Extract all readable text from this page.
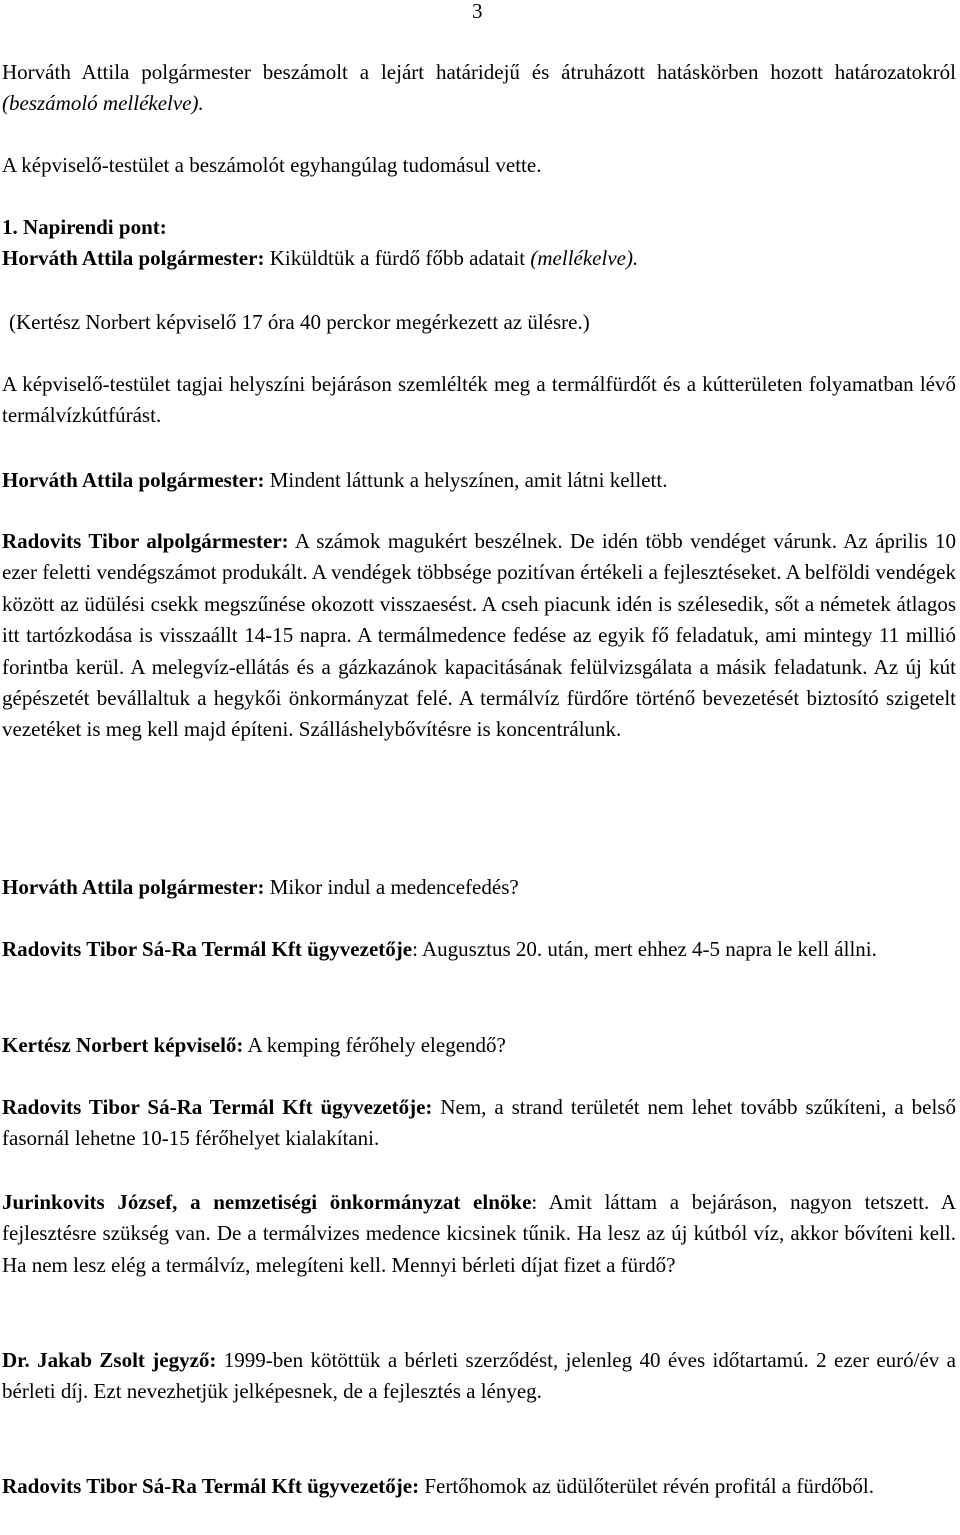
3

Horváth Attila polgármester beszámolt a lejárt határidejű és átruházott hatáskörben hozott határozatokról (beszámoló mellékelve).

A képviselő-testület a beszámolót egyhangúlag tudomásul vette.

1. Napirendi pont:
Horváth Attila polgármester: Kiküldtük a fürdő főbb adatait (mellékelve).

(Kertész Norbert képviselő 17 óra 40 perckor megérkezett az ülésre.)

A képviselő-testület tagjai helyszíni bejáráson szemlélték meg a termálfürdőt és a kútterületen folyamatban lévő termálvízkútfúrást.

Horváth Attila polgármester: Mindent láttunk a helyszínen, amit látni kellett.

Radovits Tibor alpolgármester: A számok magukért beszélnek. De idén több vendéget várunk. Az április 10 ezer feletti vendégszámot produkált. A vendégek többsége pozitívan értékeli a fejlesztéseket. A belföldi vendégek között az üdülési csekk megszűnése okozott visszaesést. A cseh piacunk idén is szélesedik, sőt a németek átlagos itt tartózkodása is visszaállt 14-15 napra. A termálmedence fedése az egyik fő feladatuk, ami mintegy 11 millió forintba kerül. A melegvíz-ellátás és a gázkazánok kapacitásának felülvizsgálata a másik feladatunk. Az új kút gépészetét bevállaltuk a hegykői önkormányzat felé. A termálvíz fürdőre történő bevezetését biztosító szigetelt vezetéket is meg kell majd építeni. Szálláshelybővítésre is koncentrálunk.

Horváth Attila polgármester: Mikor indul a medencefedés?

Radovits Tibor Sá-Ra Termál Kft ügyvezetője: Augusztus 20. után, mert ehhez 4-5 napra le kell állni.

Kertész Norbert képviselő: A kemping férőhely elegendő?

Radovits Tibor Sá-Ra Termál Kft ügyvezetője: Nem, a strand területét nem lehet tovább szűkíteni, a belső fasornál lehetne 10-15 férőhelyet kialakítani.

Jurinkovits József, a nemzetiségi önkormányzat elnöke: Amit láttam a bejáráson, nagyon tetszett. A fejlesztésre szükség van. De a termálvizes medence kicsinek tűnik. Ha lesz az új kútból víz, akkor bővíteni kell. Ha nem lesz elég a termálvíz, melegíteni kell. Mennyi bérleti díjat fizet a fürdő?

Dr. Jakab Zsolt jegyző: 1999-ben kötöttük a bérleti szerződést, jelenleg 40 éves időtartamú. 2 ezer euró/év a bérleti díj. Ezt nevezhetjük jelképesnek, de a fejlesztés a lényeg.

Radovits Tibor Sá-Ra Termál Kft ügyvezetője: Fertőhomok az üdülőterület révén profitál a fürdőből.
